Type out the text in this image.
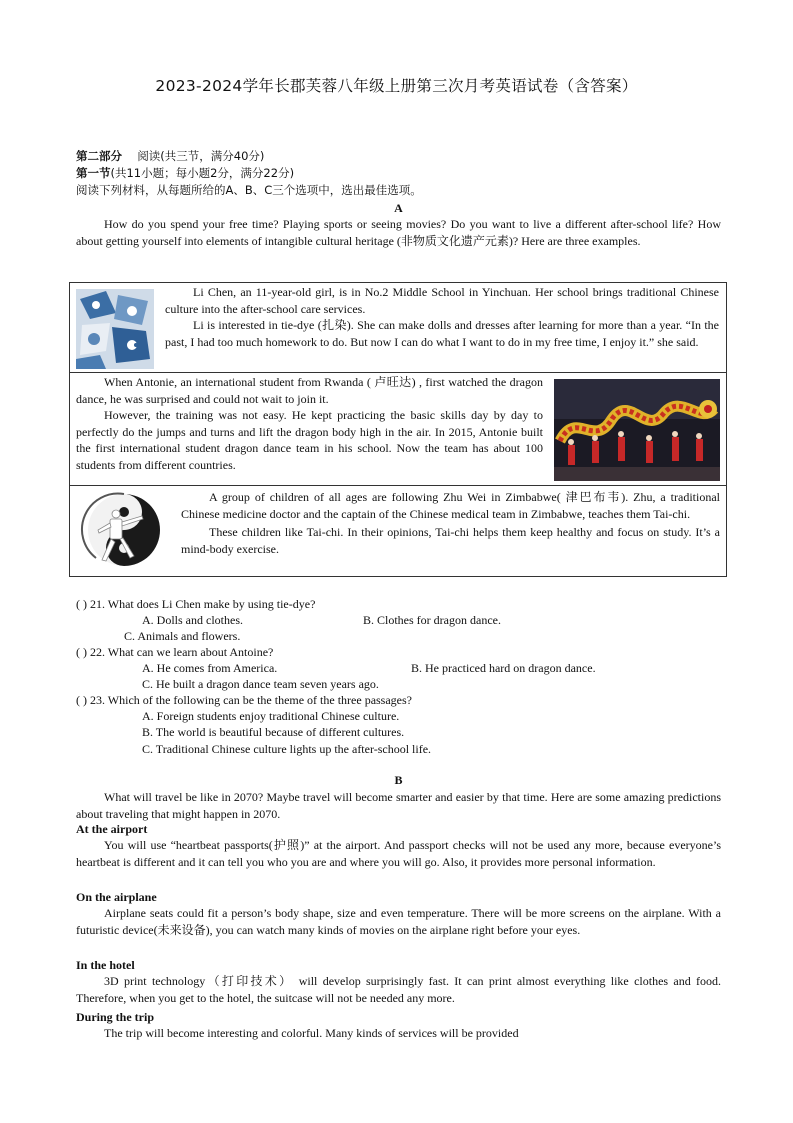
2023-2024学年长郡芙蓉八年级上册第三次月考英语试卷（含答案）
第二部分 阅读(共三节，满分40分)
第一节(共11小题；每小题2分，满分22分)
阅读下列材料，从每题所给的A、B、C三个选项中，选出最佳选项。
A
How do you spend your free time? Playing sports or seeing movies? Do you want to live a different after-school life? How about getting yourself into elements of intangible cultural heritage (非物质文化遗产元素)? Here are three examples.
Li Chen, an 11-year-old girl, is in No.2 Middle School in Yinchuan. Her school brings traditional Chinese culture into the after-school care services.
Li is interested in tie-dye (扎染). She can make dolls and dresses after learning for more than a year. “In the past, I had too much homework to do. But now I can do what I want to do in my free time, I enjoy it.” she said.
When Antonie, an international student from Rwanda ( 卢旺达) , first watched the dragon dance, he was surprised and could not wait to join it.
However, the training was not easy. He kept practicing the basic skills day by day to perfectly do the jumps and turns and lift the dragon body high in the air. In 2015, Antonie built the first international student dragon dance team in his school. Now the team has about 100 students from different countries.
A group of children of all ages are following Zhu Wei in Zimbabwe( 津巴布韦). Zhu, a traditional Chinese medicine doctor and the captain of the Chinese medical team in Zimbabwe, teaches them Tai-chi.
These children like Tai-chi. In their opinions, Tai-chi helps them keep healthy and focus on study. It’s a mind-body exercise.
( ) 21. What does Li Chen make by using tie-dye?
A. Dolls and clothes.	B. Clothes for dragon dance.
C. Animals and flowers.
( ) 22. What can we learn about Antoine?
A. He comes from America.	B. He practiced hard on dragon dance.
C. He built a dragon dance team seven years ago.
( ) 23. Which of the following can be the theme of the three passages?
A. Foreign students enjoy traditional Chinese culture.
B. The world is beautiful because of different cultures.
C. Traditional Chinese culture lights up the after-school life.
B
What will travel be like in 2070? Maybe travel will become smarter and easier by that time. Here are some amazing predictions about traveling that might happen in 2070.
At the airport
You will use “heartbeat passports(护照)” at the airport. And passport checks will not be used any more, because everyone’s heartbeat is different and it can tell you who you are and where you will go. Also, it provides more personal information.
On the airplane
Airplane seats could fit a person’s body shape, size and even temperature. There will be more screens on the airplane. With a futuristic device(未来设备), you can watch many kinds of movies on the airplane right before your eyes.
In the hotel
3D print technology（打印技术） will develop surprisingly fast. It can print almost everything like clothes and food. Therefore, when you get to the hotel, the suitcase will not be needed any more.
During the trip
The trip will become interesting and colorful. Many kinds of services will be provided
